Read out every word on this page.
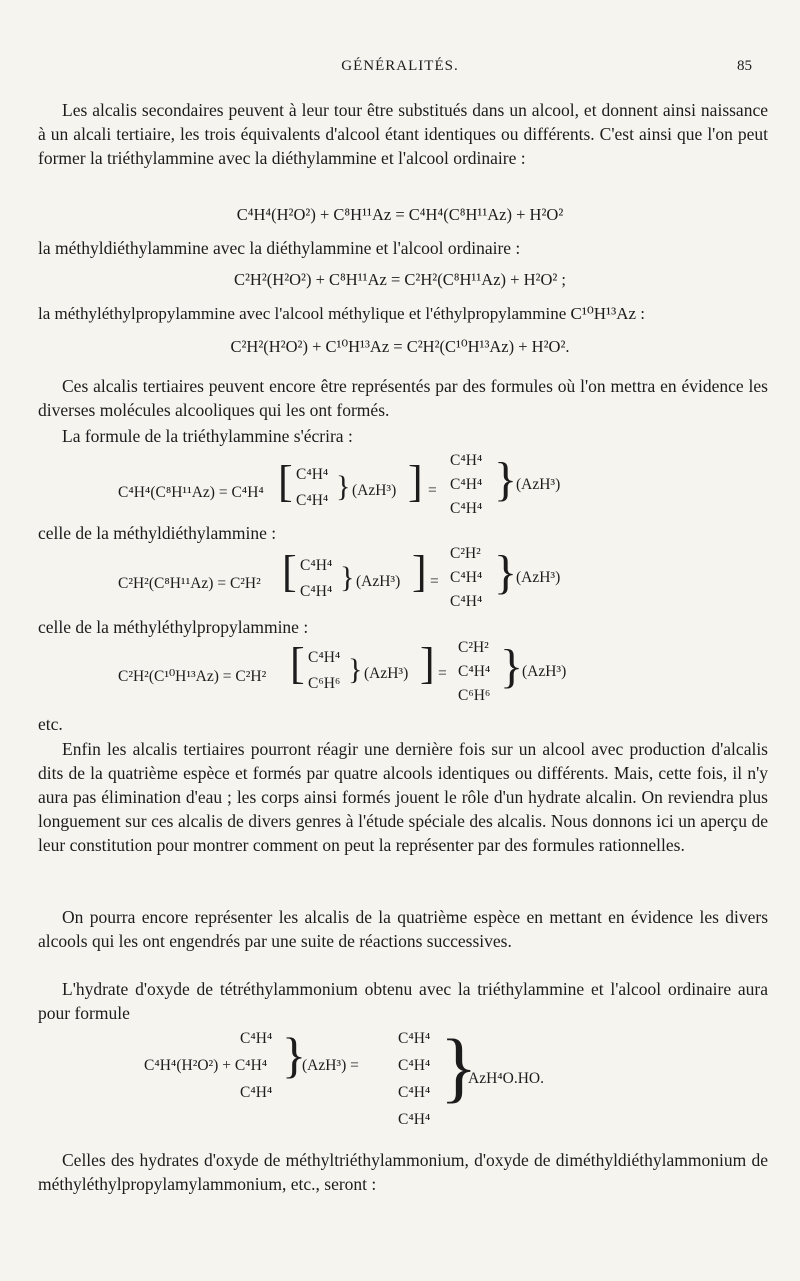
GÉNÉRALITÉS.	85

Les alcalis secondaires peuvent à leur tour être substitués dans un alcool, et donnent ainsi naissance à un alcali tertiaire, les trois équivalents d'alcool étant identiques ou différents. C'est ainsi que l'on peut former la triéthylammine avec la diéthylammine et l'alcool ordinaire :

C⁴H⁴(H²O²) + C⁸H¹¹Az = C⁴H⁴(C⁸H¹¹Az) + H²O²

la méthyldiéthylammine avec la diéthylammine et l'alcool ordinaire :

C²H²(H²O²) + C⁸H¹¹Az = C²H²(C⁸H¹¹Az) + H²O² ;

la méthyléthylpropylammine avec l'alcool méthylique et l'éthylpropylammine C¹⁰H¹³Az :

C²H²(H²O²) + C¹⁰H¹³Az = C²H²(C¹⁰H¹³Az) + H²O².

Ces alcalis tertiaires peuvent encore être représentés par des formules où l'on mettra en évidence les diverses molécules alcooliques qui les ont formés.

La formule de la triéthylammine s'écrira :

C⁴H⁴(C⁸H¹¹Az) = C⁴H⁴ [ C⁴H⁴
C⁴H⁴ } (AzH³) ] =
C⁴H⁴
C⁴H⁴
C⁴H⁴
}
(AzH³)

celle de la méthyldiéthylammine :

C²H²(C⁸H¹¹Az) = C²H² [ C⁴H⁴
C⁴H⁴ } (AzH³) ] =
C²H²
C⁴H⁴
C⁴H⁴
}
(AzH³)

celle de la méthyléthylpropylammine :

C²H²(C¹⁰H¹³Az) = C²H² [ C⁴H⁴
C⁶H⁶ } (AzH³) ] =
C²H²
C⁴H⁴
C⁶H⁶
}
(AzH³)

etc.

Enfin les alcalis tertiaires pourront réagir une dernière fois sur un alcool avec production d'alcalis dits de la quatrième espèce et formés par quatre alcools identiques ou différents. Mais, cette fois, il n'y aura pas élimination d'eau ; les corps ainsi formés jouent le rôle d'un hydrate alcalin. On reviendra plus longuement sur ces alcalis de divers genres à l'étude spéciale des alcalis. Nous donnons ici un aperçu de leur constitution pour montrer comment on peut la représenter par des formules rationnelles.

On pourra encore représenter les alcalis de la quatrième espèce en mettant en évidence les divers alcools qui les ont engendrés par une suite de réactions successives.

L'hydrate d'oxyde de tétréthylammonium obtenu avec la triéthylammine et l'alcool ordinaire aura pour formule

C⁴H⁴
C⁴H⁴(H²O²) + C⁴H⁴
C⁴H⁴
}
(AzH³) =
C⁴H⁴
C⁴H⁴
C⁴H⁴
C⁴H⁴
}
AzH⁴O.HO.

Celles des hydrates d'oxyde de méthyltriéthylammonium, d'oxyde de diméthyldiéthylammonium de méthyléthylpropylamylammonium, etc., seront :
